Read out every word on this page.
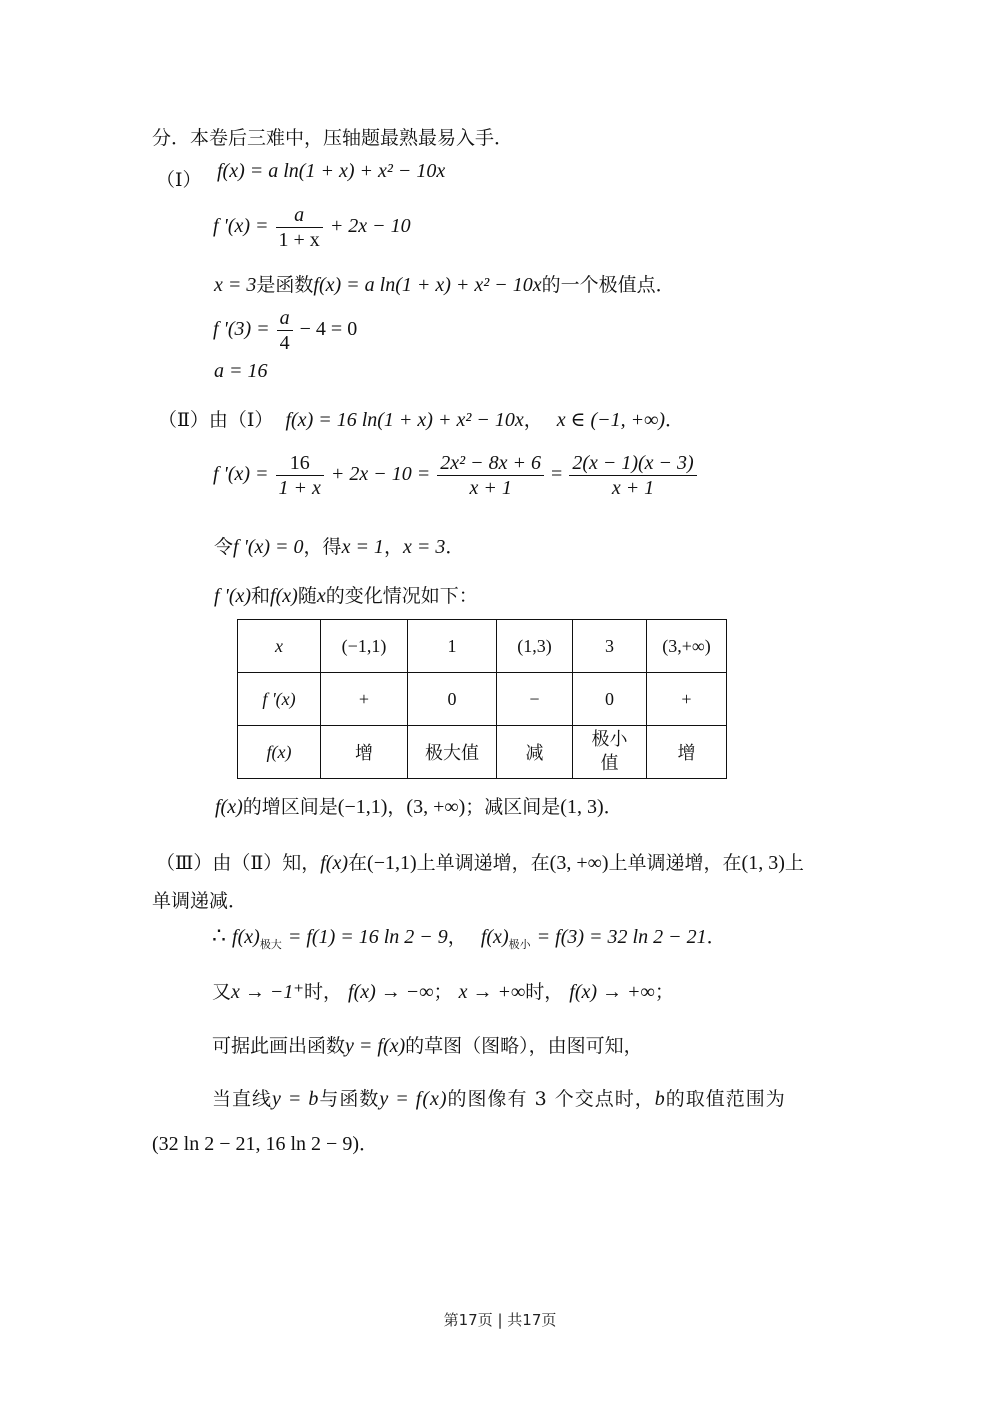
分．本卷后三难中，压轴题最熟最易入手．
（Ⅰ） f(x) = a ln(1 + x) + x² − 10x
f '$(x) = \frac{a}{1 + x} + 2x - 10$
x = 3是函数f(x) = a ln(1 + x) + x² − 10x的一个极值点．
f '$(3) = \frac{a}{4} - 4 = 0$
a = 16
（Ⅱ）由（Ⅰ） f(x) = 16 ln(1 + x) + x² − 10x， x ∈ (−1, +∞)．
f '$(x) = \frac{16}{1 + x} + 2x - 10 = \frac{\text{2x² − 8x + 6}}{x + 1} = \frac{2(x - 1)(x - 3)}{x + 1}$
令f '(x) = 0，得x = 1，x = 3．
f '(x)和f(x)随x的变化情况如下：
x	(−1,1)	1	(1,3)	3	(3,+∞)
f '(x)	+	0	−	0	+
f(x)	增	极大值	减	极小值	增
f(x)的增区间是(−1,1)，(3, +∞)；减区间是(1, 3)．
（Ⅲ）由（Ⅱ）知，f(x)在(−1,1)上单调递增，在(3, +∞)上单调递增，在(1, 3)上
单调递减．
∴ $f(x)_{极大} = f(1) = 16$ ln 2 − 9， $f(x)_{极小} = f(3) = 32$ ln 2 − 21．
又x → −1⁺时， f(x) → −∞； x → +∞时， f(x) → +∞；
可据此画出函数y = f(x)的草图（图略），由图可知，
当直线y = b与函数y = f(x)的图像有 3 个交点时，b的取值范围为
(32 ln 2 − 21, 16 ln 2 − 9)．
第17页 | 共17页
